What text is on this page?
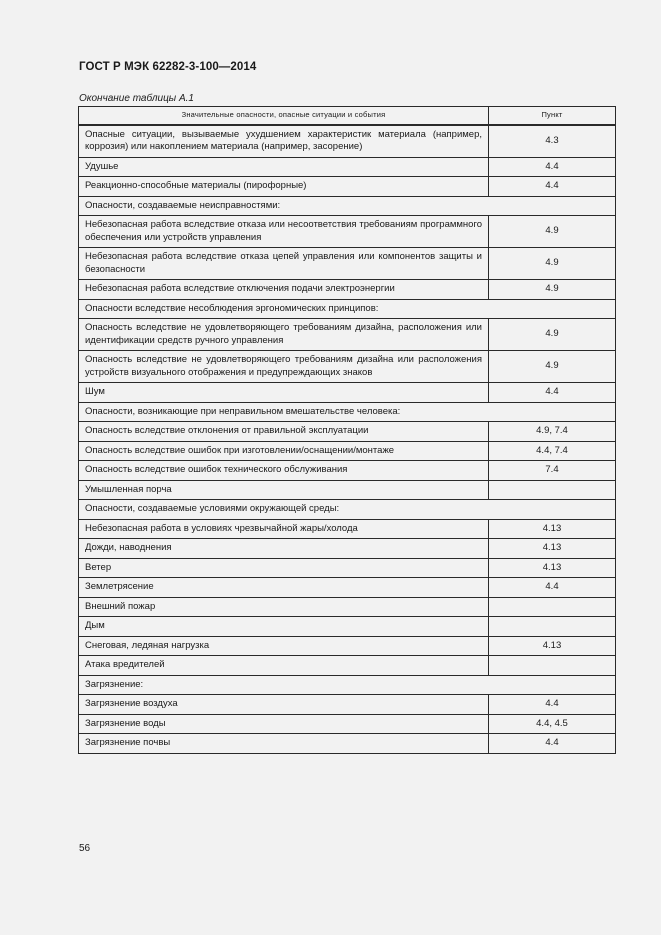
ГОСТ Р МЭК 62282-3-100—2014
Окончание таблицы А.1
Значительные опасности, опасные ситуации и события	Пункт
Опасные ситуации, вызываемые ухудшением характеристик материала (например, коррозия) или накоплением материала (например, засорение)	4.3
Удушье	4.4
Реакционно-способные материалы (пирофорные)	4.4
Опасности, создаваемые неисправностями:	
Небезопасная работа вследствие отказа или несоответствия требованиям программного обеспечения или устройств управления	4.9
Небезопасная работа вследствие отказа цепей управления или компонентов защиты и безопасности	4.9
Небезопасная работа вследствие отключения подачи электроэнергии	4.9
Опасности вследствие несоблюдения эргономических принципов:	
Опасность вследствие не удовлетворяющего требованиям дизайна, расположения или идентификации средств ручного управления	4.9
Опасность вследствие не удовлетворяющего требованиям дизайна или расположения устройств визуального отображения и предупреждающих знаков	4.9
Шум	4.4
Опасности, возникающие при неправильном вмешательстве человека:	
Опасность вследствие отклонения от правильной эксплуатации	4.9, 7.4
Опасность вследствие ошибок при изготовлении/оснащении/монтаже	4.4, 7.4
Опасность вследствие ошибок технического обслуживания	7.4
Умышленная порча	
Опасности, создаваемые условиями окружающей среды:	
Небезопасная работа в условиях чрезвычайной жары/холода	4.13
Дожди, наводнения	4.13
Ветер	4.13
Землетрясение	4.4
Внешний пожар	
Дым	
Снеговая, ледяная нагрузка	4.13
Атака вредителей	
Загрязнение:	
Загрязнение воздуха	4.4
Загрязнение воды	4.4, 4.5
Загрязнение почвы	4.4
56
